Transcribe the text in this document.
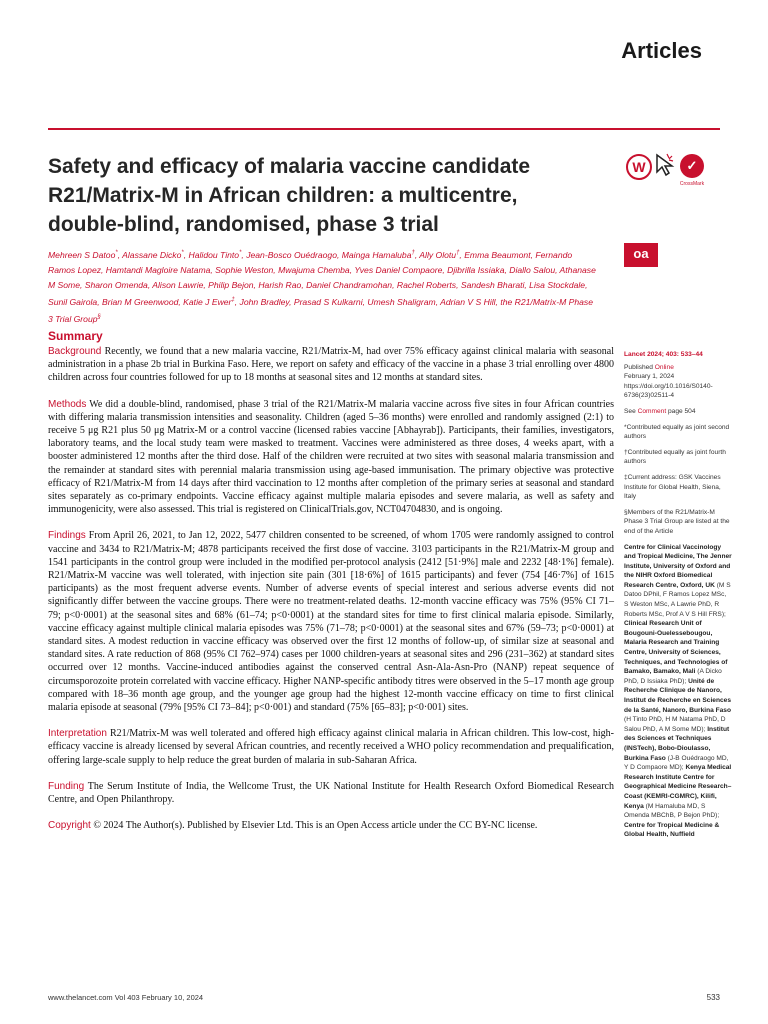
Articles
Safety and efficacy of malaria vaccine candidate R21/Matrix-M in African children: a multicentre, double-blind, randomised, phase 3 trial
W	✓
CrossMark
oa
Mehreen S Datoo*, Alassane Dicko*, Halidou Tinto*, Jean-Bosco Ouédraogo, Mainga Hamaluba†, Ally Olotu†, Emma Beaumont, Fernando Ramos Lopez, Hamtandi Magloire Natama, Sophie Weston, Mwajuma Chemba, Yves Daniel Compaore, Djibrilla Issiaka, Diallo Salou, Athanase M Some, Sharon Omenda, Alison Lawrie, Philip Bejon, Harish Rao, Daniel Chandramohan, Rachel Roberts, Sandesh Bharati, Lisa Stockdale, Sunil Gairola, Brian M Greenwood, Katie J Ewer‡, John Bradley, Prasad S Kulkarni, Umesh Shaligram, Adrian V S Hill, the R21/Matrix-M Phase 3 Trial Group§
Summary

Background Recently, we found that a new malaria vaccine, R21/Matrix-M, had over 75% efficacy against clinical malaria with seasonal administration in a phase 2b trial in Burkina Faso. Here, we report on safety and efficacy of the vaccine in a phase 3 trial enrolling over 4800 children across four countries followed for up to 18 months at seasonal sites and 12 months at standard sites.

Methods We did a double-blind, randomised, phase 3 trial of the R21/Matrix-M malaria vaccine across five sites in four African countries with differing malaria transmission intensities and seasonality. Children (aged 5–36 months) were enrolled and randomly assigned (2:1) to receive 5 μg R21 plus 50 μg Matrix-M or a control vaccine (licensed rabies vaccine [Abhayrab]). Participants, their families, investigators, laboratory teams, and the local study team were masked to treatment. Vaccines were administered as three doses, 4 weeks apart, with a booster administered 12 months after the third dose. Half of the children were recruited at two sites with seasonal malaria transmission and the remainder at standard sites with perennial malaria transmission using age-based immunisation. The primary objective was protective efficacy of R21/Matrix-M from 14 days after third vaccination to 12 months after completion of the primary series at seasonal and standard sites separately as co-primary endpoints. Vaccine efficacy against multiple malaria episodes and severe malaria, as well as safety and immunogenicity, were also assessed. This trial is registered on ClinicalTrials.gov, NCT04704830, and is ongoing.

Findings From April 26, 2021, to Jan 12, 2022, 5477 children consented to be screened, of whom 1705 were randomly assigned to control vaccine and 3434 to R21/Matrix-M; 4878 participants received the first dose of vaccine. 3103 participants in the R21/Matrix-M group and 1541 participants in the control group were included in the modified per-protocol analysis (2412 [51·9%] male and 2232 [48·1%] female). R21/Matrix-M vaccine was well tolerated, with injection site pain (301 [18·6%] of 1615 participants) and fever (754 [46·7%] of 1615 participants) as the most frequent adverse events. Number of adverse events of special interest and serious adverse events did not significantly differ between the vaccine groups. There were no treatment-related deaths. 12-month vaccine efficacy was 75% (95% CI 71–79; p<0·0001) at the seasonal sites and 68% (61–74; p<0·0001) at the standard sites for time to first clinical malaria episode. Similarly, vaccine efficacy against multiple clinical malaria episodes was 75% (71–78; p<0·0001) at the seasonal sites and 67% (59–73; p<0·0001) at standard sites. A modest reduction in vaccine efficacy was observed over the first 12 months of follow-up, of similar size at seasonal and standard sites. A rate reduction of 868 (95% CI 762–974) cases per 1000 children-years at seasonal sites and 296 (231–362) at standard sites occurred over 12 months. Vaccine-induced antibodies against the conserved central Asn-Ala-Asn-Pro (NANP) repeat sequence of circumsporozoite protein correlated with vaccine efficacy. Higher NANP-specific antibody titres were observed in the 5–17 month age group compared with 18–36 month age group, and the younger age group had the highest 12-month vaccine efficacy on time to first clinical malaria episode at seasonal (79% [95% CI 73–84]; p<0·001) and standard (75% [65–83]; p<0·001) sites.

Interpretation R21/Matrix-M was well tolerated and offered high efficacy against clinical malaria in African children. This low-cost, high-efficacy vaccine is already licensed by several African countries, and recently received a WHO policy recommendation and prequalification, offering large-scale supply to help reduce the great burden of malaria in sub-Saharan Africa.

Funding The Serum Institute of India, the Wellcome Trust, the UK National Institute for Health Research Oxford Biomedical Research Centre, and Open Philanthropy.

Copyright © 2024 The Author(s). Published by Elsevier Ltd. This is an Open Access article under the CC BY-NC license.

Lancet 2024; 403: 533–44
Published Online
February 1, 2024
https://doi.org/10.1016/S0140-6736(23)02511-4
See Comment page 504
*Contributed equally as joint second authors
†Contributed equally as joint fourth authors
‡Current address: GSK Vaccines Institute for Global Health, Siena, Italy
§Members of the R21/Matrix-M Phase 3 Trial Group are listed at the end of the Article
Centre for Clinical Vaccinology and Tropical Medicine, The Jenner Institute, University of Oxford and the NIHR Oxford Biomedical Research Centre, Oxford, UK (M S Datoo DPhil, F Ramos Lopez MSc, S Weston MSc, A Lawrie PhD, R Roberts MSc, Prof A V S Hill FRS); Clinical Research Unit of Bougouni-Ouelessebougou, Malaria Research and Training Centre, University of Sciences, Techniques, and Technologies of Bamako, Bamako, Mali (A Dicko PhD, D Issiaka PhD); Unité de Recherche Clinique de Nanoro, Institut de Recherche en Sciences de la Santé, Nanoro, Burkina Faso (H Tinto PhD, H M Natama PhD, D Salou PhD, A M Some MD); Institut des Sciences et Techniques (INSTech), Bobo-Dioulasso, Burkina Faso (J-B Ouédraogo MD, Y D Compaore MD); Kenya Medical Research Institute Centre for Geographical Medicine Research–Coast (KEMRI-CGMRC), Kilifi, Kenya (M Hamaluba MD, S Omenda MBChB, P Bejon PhD); Centre for Tropical Medicine & Global Health, Nuffield
www.thelancet.com Vol 403 February 10, 2024	533
